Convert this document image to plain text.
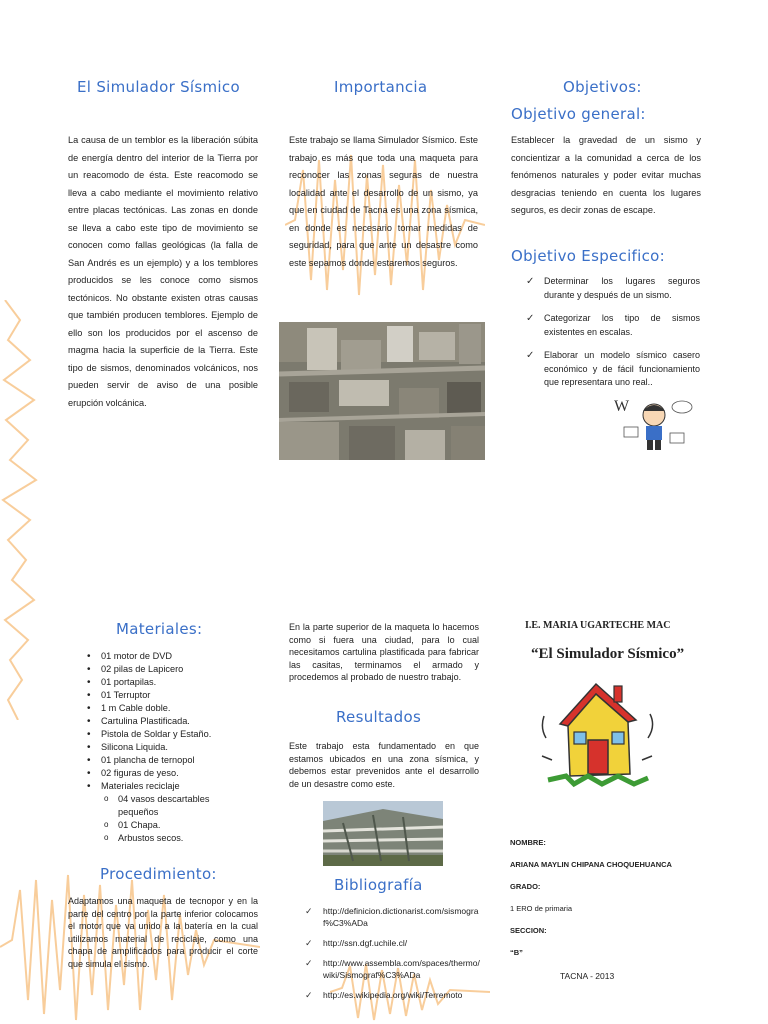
El Simulador Sísmico
La causa de un temblor es la liberación súbita de energía dentro del interior de la Tierra por un reacomodo de ésta. Este reacomodo se lleva a cabo mediante el movimiento relativo entre placas tectónicas. Las zonas en donde se lleva a cabo este tipo de movimiento se conocen como fallas geológicas (la falla de San Andrés es un ejemplo) y a los temblores producidos se les conoce como sismos tectónicos. No obstante existen otras causas que también producen temblores. Ejemplo de ello son los producidos por el ascenso de magma hacia la superficie de la Tierra. Este tipo de sismos, denominados volcánicos, nos pueden servir de aviso de una posible erupción volcánica.
Importancia
Este trabajo se llama Simulador Sísmico. Este trabajo es más que toda una maqueta para reconocer las zonas seguras de nuestra localidad ante el desarrollo de un sismo, ya que en ciudad de Tacna es una zona sísmica, en donde es necesario tomar medidas de seguridad, para que ante un desastre como este sepamos donde estaremos seguros.
Objetivos:
Objetivo general:
Establecer la gravedad de un sismo y concientizar a la comunidad a cerca de los fenómenos naturales y poder evitar muchas desgracias teniendo en cuenta los lugares seguros, es decir zonas de escape.
Objetivo Especifico:
✓ Determinar los lugares seguros durante y después de un sismo.
✓ Categorizar los tipo de sismos existentes en escalas.
✓ Elaborar un modelo sísmico casero económico y de fácil funcionamiento que representara uno real..
W
Materiales:
• 01 motor de DVD
• 02 pilas de Lapicero
• 01 portapilas.
• 01 Terruptor
• 1 m Cable doble.
• Cartulina Plastificada.
• Pistola de Soldar y Estaño.
• Silicona Liquida.
• 01 plancha de ternopol
• 02 figuras de yeso.
• Materiales reciclaje
o 04 vasos descartables pequeños
o 01 Chapa.
o Arbustos secos.
Procedimiento:
Adaptamos una maqueta de tecnopor y en la parte del centro por la parte inferior colocamos el motor que va unido a la batería en la cual utilizamos material de reciclaje, como una chapa de amplificados para producir el corte que simula el sismo.
En la parte superior de la maqueta lo hacemos como si fuera una ciudad, para lo cual necesitamos cartulina plastificada para fabricar las casitas, terminamos el armado y procedemos al probado de nuestro trabajo.
Resultados
Este trabajo esta fundamentado en que estamos ubicados en una zona sísmica, y debemos estar prevenidos ante el desarrollo de un desastre como este.
Bibliografía
✓ http://definicion.dictionarist.com/sismograf%C3%ADa
✓ http://ssn.dgf.uchile.cl/
✓ http://www.assembla.com/spaces/thermo/wiki/Sismograf%C3%ADa
✓ http://es.wikipedia.org/wiki/Terremoto
I.E. MARIA UGARTECHE MAC
“El Simulador Sísmico”
NOMBRE:
ARIANA MAYLIN CHIPANA CHOQUEHUANCA
GRADO:
1 ERO de primaria
SECCION:
“B”
TACNA - 2013
